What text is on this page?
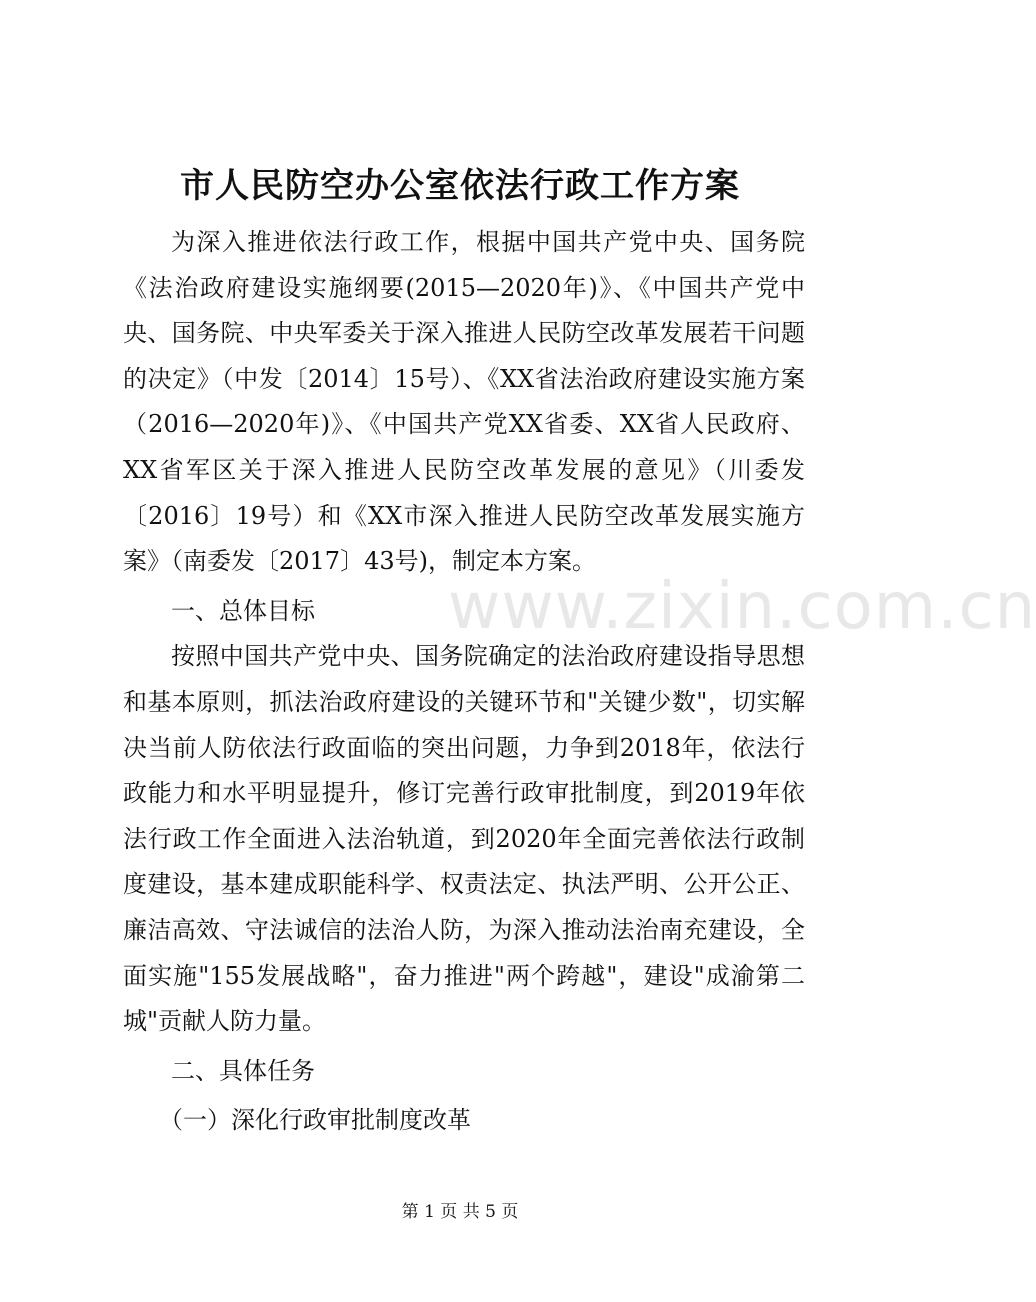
市人民防空办公室依法行政工作方案

为深入推进依法行政工作，根据中国共产党中央、国务院《法治政府建设实施纲要(2015—2020年)》、《中国共产党中央、国务院、中央军委关于深入推进人民防空改革发展若干问题的决定》（中发〔2014〕15号）、《XX省法治政府建设实施方案（2016—2020年)》、《中国共产党XX省委、XX省人民政府、XX省军区关于深入推进人民防空改革发展的意见》（川委发〔2016〕19号）和《XX市深入推进人民防空改革发展实施方案》（南委发〔2017〕43号)，制定本方案。

一、总体目标

按照中国共产党中央、国务院确定的法治政府建设指导思想和基本原则，抓法治政府建设的关键环节和"关键少数"，切实解决当前人防依法行政面临的突出问题，力争到2018年，依法行政能力和水平明显提升，修订完善行政审批制度，到2019年依法行政工作全面进入法治轨道，到2020年全面完善依法行政制度建设，基本建成职能科学、权责法定、执法严明、公开公正、廉洁高效、守法诚信的法治人防，为深入推动法治南充建设，全面实施"155发展战略"，奋力推进"两个跨越"，建设"成渝第二城"贡献人防力量。

二、具体任务

（一）深化行政审批制度改革

www.zixin.com.cn
第 1 页 共 5 页
